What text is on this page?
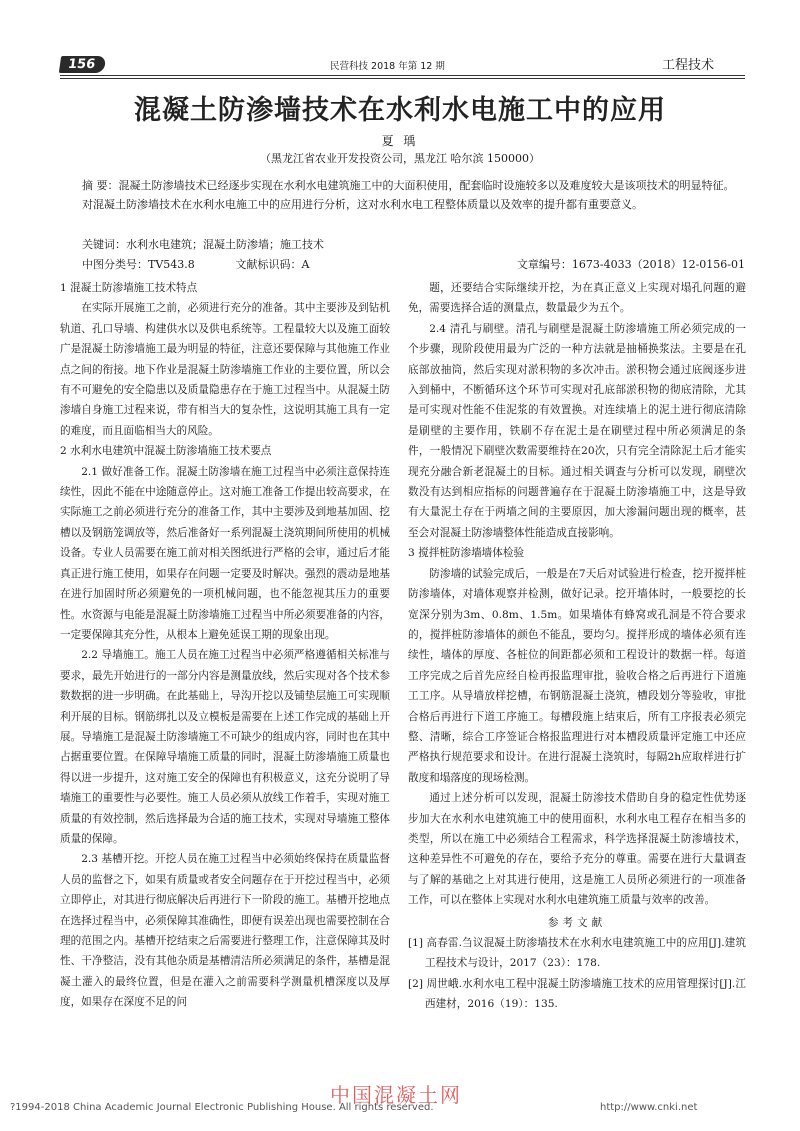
156	民营科技 2018 年第 12 期	工程技术
混凝土防渗墙技术在水利水电施工中的应用
夏 瑀
（黑龙江省农业开发投资公司，黑龙江 哈尔滨 150000）
摘 要：混凝土防渗墙技术已经逐步实现在水利水电建筑施工中的大面积使用，配套临时设施较多以及难度较大是该项技术的明显特征。对混凝土防渗墙技术在水利水电施工中的应用进行分析，这对水利水电工程整体质量以及效率的提升都有重要意义。
关键词：水利水电建筑；混凝土防渗墙；施工技术
中图分类号：TV543.8	文献标识码：A	文章编号：1673-4033（2018）12-0156-01
1 混凝土防渗墙施工技术特点

在实际开展施工之前，必须进行充分的准备。其中主要涉及到钻机轨道、孔口导墙、构建供水以及供电系统等。工程量较大以及施工面较广是混凝土防渗墙施工最为明显的特征，注意还要保障与其他施工作业点之间的衔接。地下作业是混凝土防渗墙施工作业的主要位置，所以会有不可避免的安全隐患以及质量隐患存在于施工过程当中。从混凝土防渗墙自身施工过程来说，带有相当大的复杂性，这说明其施工具有一定的难度，而且面临相当大的风险。

2 水利水电建筑中混凝土防渗墙施工技术要点

2.1 做好准备工作。混凝土防渗墙在施工过程当中必须注意保持连续性，因此不能在中途随意停止。这对施工准备工作提出较高要求，在实际施工之前必须进行充分的准备工作，其中主要涉及到地基加固、挖槽以及钢筋笼调放等，然后准备好一系列混凝土浇筑期间所使用的机械设备。专业人员需要在施工前对相关图纸进行严格的会审，通过后才能真正进行施工使用，如果存在问题一定要及时解决。强烈的震动是地基在进行加固时所必须避免的一项机械问题，也不能忽视其压力的重要性。水资源与电能是混凝土防渗墙施工过程当中所必须要准备的内容，一定要保障其充分性，从根本上避免延误工期的现象出现。

2.2 导墙施工。施工人员在施工过程当中必须严格遵循相关标准与要求，最先开始进行的一部分内容是测量放线，然后实现对各个技术参数数据的进一步明确。在此基础上，导沟开挖以及铺垫层施工可实现顺利开展的目标。钢筋绑扎以及立模板是需要在上述工作完成的基础上开展。导墙施工是混凝土防渗墙施工不可缺少的组成内容，同时也在其中占据重要位置。在保障导墙施工质量的同时，混凝土防渗墙施工质量也得以进一步提升，这对施工安全的保障也有积极意义，这充分说明了导墙施工的重要性与必要性。施工人员必须从放线工作着手，实现对施工质量的有效控制，然后选择最为合适的施工技术，实现对导墙施工整体质量的保障。

2.3 基槽开挖。开挖人员在施工过程当中必须始终保持在质量监督人员的监督之下，如果有质量或者安全问题存在于开挖过程当中，必须立即停止，对其进行彻底解决后再进行下一阶段的施工。基槽开挖地点在选择过程当中，必须保障其准确性，即便有误差出现也需要控制在合理的范围之内。基槽开挖结束之后需要进行整理工作，注意保障其及时性、干净整洁，没有其他杂质是基槽清洁所必须满足的条件，基槽是混凝土灌入的最终位置，但是在灌入之前需要科学测量机槽深度以及厚度，如果存在深度不足的问

题，还要结合实际继续开挖，为在真正意义上实现对塌孔问题的避免，需要选择合适的测量点，数量最少为五个。

2.4 清孔与刷壁。清孔与刷壁是混凝土防渗墙施工所必须完成的一个步骤，现阶段使用最为广泛的一种方法就是抽桶换浆法。主要是在孔底部放抽筒，然后实现对淤积物的多次冲击。淤积物会通过底阀逐步进入到桶中，不断循环这个环节可实现对孔底部淤积物的彻底清除，尤其是可实现对性能不佳泥浆的有效置换。对连续墙上的泥土进行彻底清除是刷壁的主要作用，铁刷不存在泥土是在刷壁过程中所必须满足的条件，一般情况下刷壁次数需要维持在20次，只有完全清除泥土后才能实现充分融合新老混凝土的目标。通过相关调查与分析可以发现，刷壁次数没有达到相应指标的问题普遍存在于混凝土防渗墙施工中，这是导致有大量泥土存在于两墙之间的主要原因，加大渗漏问题出现的概率，甚至会对混凝土防渗墙整体性能造成直接影响。

3 搅拌桩防渗墙墙体检验

防渗墙的试验完成后，一般是在7天后对试验进行检查，挖开搅拌桩防渗墙体，对墙体观察并检测，做好记录。挖开墙体时，一般要挖的长宽深分别为3m、0.8m、1.5m。如果墙体有蜂窝或孔洞是不符合要求的，搅拌桩防渗墙体的颜色不能乱，要均匀。搅拌形成的墙体必须有连续性，墙体的厚度、各桩位的间距都必须和工程设计的数据一样。每道工序完成之后首先应经自检再报监理审批，验收合格之后再进行下道施工工序。从导墙放样挖槽，布钢筋混凝土浇筑，槽段划分等验收，审批合格后再进行下道工序施工。每槽段施上结束后，所有工序报表必须完整、清晰，综合工序签证合格报监理进行对本槽段质量评定施工中还应严格执行规范要求和设计。在进行混凝土浇筑时，每隔2h应取样进行扩散度和塌落度的现场检测。

通过上述分析可以发现，混凝土防渗技术借助自身的稳定性优势逐步加大在水利水电建筑施工中的使用面积，水利水电工程存在相当多的类型，所以在施工中必须结合工程需求，科学选择混凝土防渗墙技术，这种差异性不可避免的存在，要给予充分的尊重。需要在进行大量调查与了解的基础之上对其进行使用，这是施工人员所必须进行的一项准备工作，可以在整体上实现对水利水电建筑施工质量与效率的改善。

参考文献

[1] 高春雷.刍议混凝土防渗墙技术在水利水电建筑施工中的应用[J].建筑工程技术与设计，2017（23）：178.

[2] 周世峨.水利水电工程中混凝土防渗墙施工技术的应用管理探讨[J].江西建材，2016（19）：135.

中国混凝土网
?1994-2018 China Academic Journal Electronic Publishing House. All rights reserved.	http://www.cnki.net
